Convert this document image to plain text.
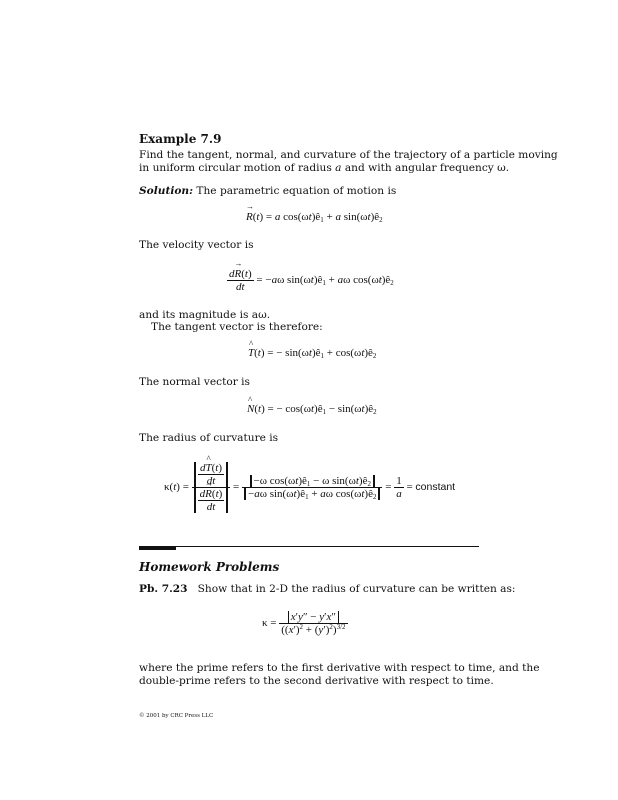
Example 7.9
Find the tangent, normal, and curvature of the trajectory of a particle moving
in uniform circular motion of radius a and with angular frequency ω.
Solution: The parametric equation of motion is
→ R(t) = a $\cos(\omega t)ê_1 + a$ $\sin(\omega t)ê_2$
The velocity vector is
$\frac{d\to R(t)}{dt} = -a\omega$ $\sin(\omega t)ê_1 + a\omega$ $\cos(\omega t)ê_2$
and its magnitude is aω.
The tangent vector is therefore:
^ T(t) = − $\sin(\omega t)ê_1$ + $\cos(\omega t)ê_2$
The normal vector is
^ N(t) = − $\cos(\omega t)ê_1$ − $\sin(\omega t)ê_2$
The radius of curvature is
$\kappa(t) = \frac{\frac{d\^{} T(t)}{dt}}{\frac{d\to R(t)}{dt}} = \frac{-\omega \cos(\omega t)ê_1 - \omega \sin(\omega t)ê_2}{-a\omega \sin(\omega t)ê_1 + a\omega \cos(\omega t)ê_2} = \frac{1}{a}$ = constant
Homework Problems
Pb. 7.23 Show that in 2-D the radius of curvature can be written as:
$\kappa = \frac{x'y'' - y'x''}{((x')^2 + (y')^2)^{3/2}}$
where the prime refers to the first derivative with respect to time, and the
double-prime refers to the second derivative with respect to time.
© 2001 by CRC Press LLC
